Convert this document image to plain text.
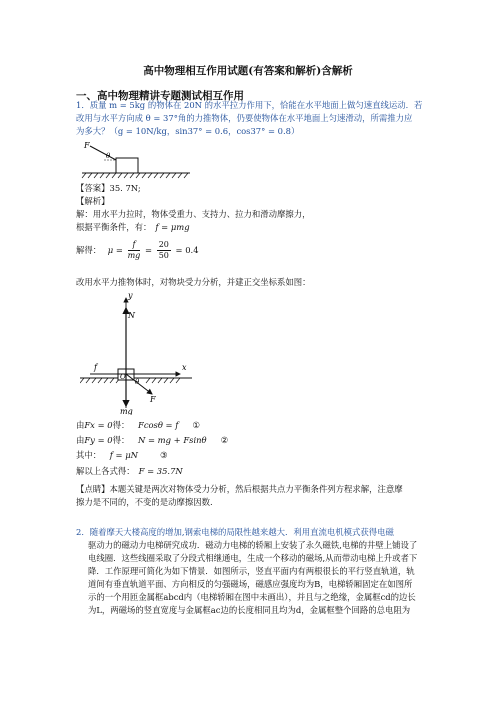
高中物理相互作用试题(有答案和解析)含解析
一、高中物理精讲专题测试相互作用
1．质量 m = 5kg 的物体在 20N 的水平拉力作用下，恰能在水平地面上做匀速直线运动．若
改用与水平方向成 θ = 37°角的力推物体，仍要使物体在水平地面上匀速滑动，所需推力应
为多大？（g = 10N/kg，sin37° = 0.6，cos37° = 0.8）
F
θ
【答案】35. 7N;
【解析】
解：用水平力拉时，物体受重力、支持力、拉力和滑动摩擦力，
根据平衡条件，有： f = μmg
解得： $\mu = \frac{f}{mg} = \frac{20}{50} = 0.4$
改用水平力推物体时，对物块受力分析，并建正交坐标系如图：
y
N
f	x
O
θ
F
mg
由Fx = 0得： Fcosθ = f ①
由Fy = 0得： N = mg + Fsinθ ②
其中： f = μN	③
解以上各式得： F = 35.7N
【点睛】本题关键是两次对物体受力分析，然后根据共点力平衡条件列方程求解，注意摩
擦力是不同的，不变的是动摩擦因数.
2．随着摩天大楼高度的增加,钢索电梯的局限性越来越大．利用直流电机模式获得电磁
驱动力的磁动力电梯研究成功．磁动力电梯的轿厢上安装了永久磁铁,电梯的井壁上铺设了
电线圈．这些线圈采取了分段式相继通电，生成一个移动的磁场,从而带动电梯上升或者下
降．工作原理可简化为如下情景．如图所示，竖直平面内有两根很长的平行竖直轨道，轨
道间有垂直轨道平面、方向相反的匀强磁场，磁感应强度均为B，电梯轿厢固定在如图所
示的一个用匝金属框abcd内（电梯轿厢在图中未画出），并且与之绝缘，金属框cd的边长
为L，两磁场的竖直宽度与金属框ac边的长度相同且均为d，金属框整个回路的总电阻为
